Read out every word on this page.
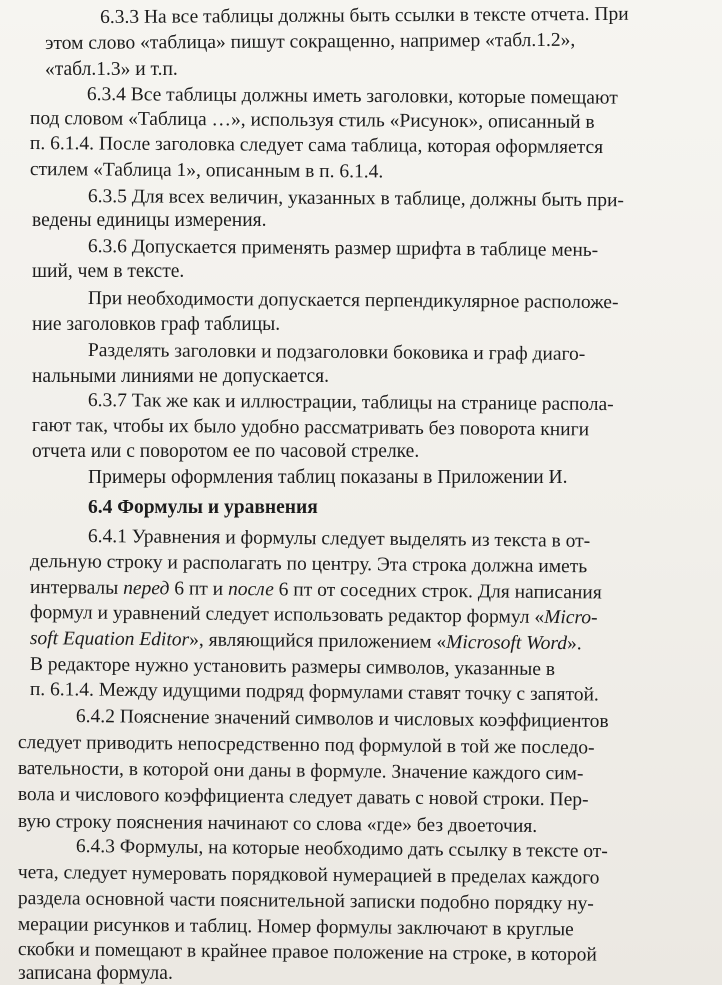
6.3.3 На все таблицы должны быть ссылки в тексте отчета. При
этом слово «таблица» пишут сокращенно, например «табл.1.2»,
«табл.1.3» и т.п.
6.3.4 Все таблицы должны иметь заголовки, которые помещают
под словом «Таблица …», используя стиль «Рисунок», описанный в
п. 6.1.4. После заголовка следует сама таблица, которая оформляется
стилем «Таблица 1», описанным в п. 6.1.4.
6.3.5 Для всех величин, указанных в таблице, должны быть при-
ведены единицы измерения.
6.3.6 Допускается применять размер шрифта в таблице мень-
ший, чем в тексте.
При необходимости допускается перпендикулярное расположе-
ние заголовков граф таблицы.
Разделять заголовки и подзаголовки боковика и граф диаго-
нальными линиями не допускается.
6.3.7 Так же как и иллюстрации, таблицы на странице распола-
гают так, чтобы их было удобно рассматривать без поворота книги
отчета или с поворотом ее по часовой стрелке.
Примеры оформления таблиц показаны в Приложении И.
6.4 Формулы и уравнения
6.4.1 Уравнения и формулы следует выделять из текста в от-
дельную строку и располагать по центру. Эта строка должна иметь
интервалы перед 6 пт и после 6 пт от соседних строк. Для написания
формул и уравнений следует использовать редактор формул «Micro-
soft Equation Editor», являющийся приложением «Microsoft Word».
В редакторе нужно установить размеры символов, указанные в
п. 6.1.4. Между идущими подряд формулами ставят точку с запятой.
6.4.2 Пояснение значений символов и числовых коэффициентов
следует приводить непосредственно под формулой в той же последо-
вательности, в которой они даны в формуле. Значение каждого сим-
вола и числового коэффициента следует давать с новой строки. Пер-
вую строку пояснения начинают со слова «где» без двоеточия.
6.4.3 Формулы, на которые необходимо дать ссылку в тексте от-
чета, следует нумеровать порядковой нумерацией в пределах каждого
раздела основной части пояснительной записки подобно порядку ну-
мерации рисунков и таблиц. Номер формулы заключают в круглые
скобки и помещают в крайнее правое положение на строке, в которой
записана формула.
